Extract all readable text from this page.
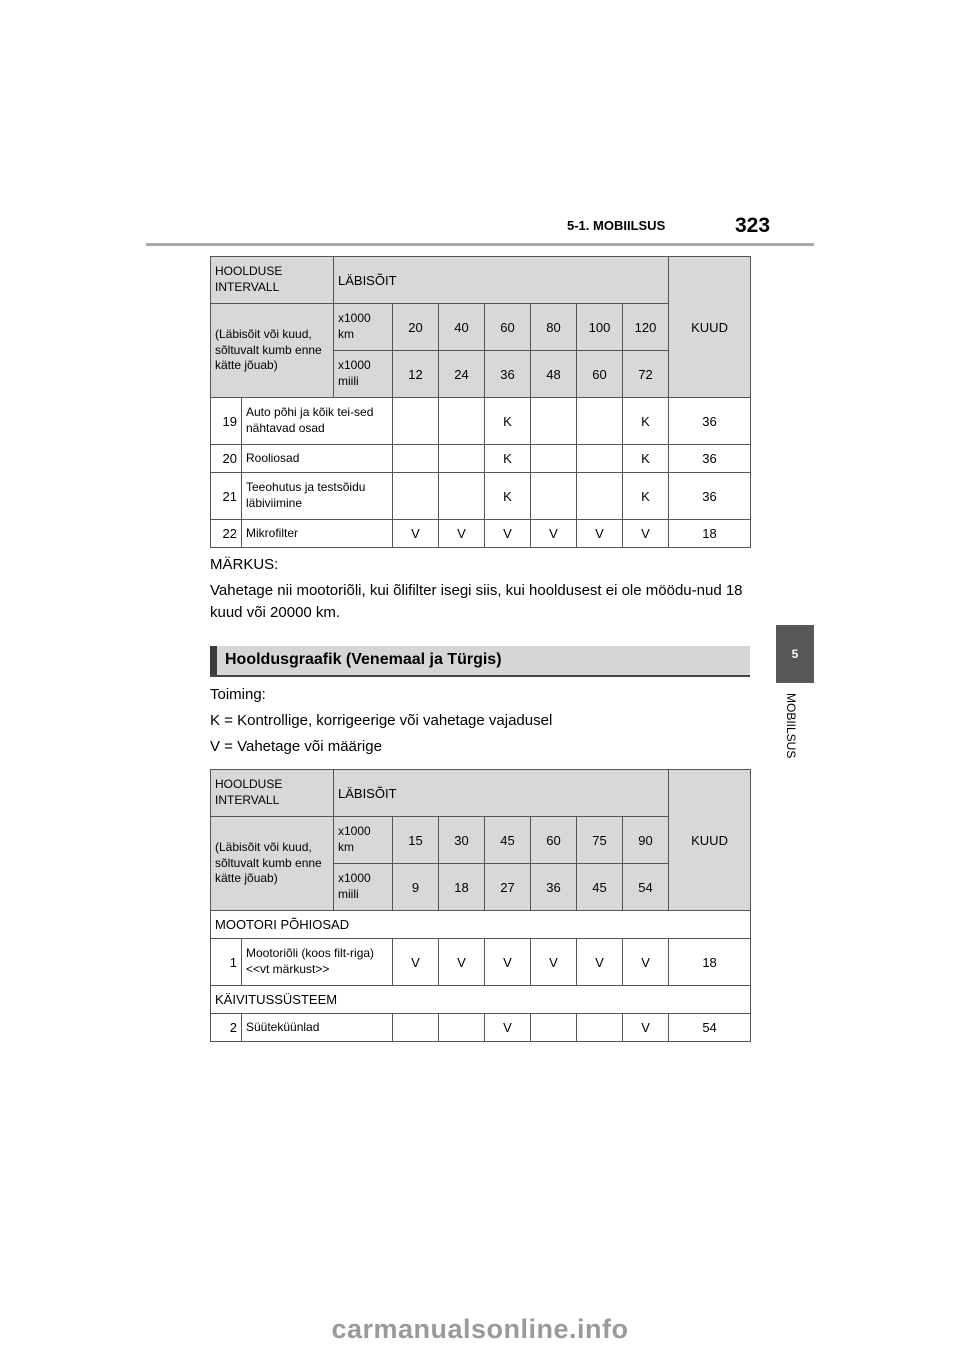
5-1. MOBIILSUS	323
5
MOBIILSUS
HOOLDUSE INTERVALL	LÄBISÕIT							KUUD
(Läbisõit või kuud, sõltuvalt kumb enne kätte jõuab)	x1000 km	20	40	60	80	100	120	
	x1000 miili	12	24	36	48	60	72	
19	Auto põhi ja kõik tei-sed nähtavad osad			K			K	36
20	Rooliosad			K			K	36
21	Teeohutus ja testsõidu läbiviimine			K			K	36
22	Mikrofilter	V	V	V	V	V	V	18
MÄRKUS:
Vahetage nii mootoriõli, kui õlifilter isegi siis, kui hooldusest ei ole möödu-nud 18 kuud või 20000 km.
Hooldusgraafik (Venemaal ja Türgis)
Toiming:
K = Kontrollige, korrigeerige või vahetage vajadusel
V = Vahetage või määrige
HOOLDUSE INTERVALL		LÄBISÕIT							KUUD
(Läbisõit või kuud, sõltuvalt kumb enne kätte jõuab)		x1000 km	15	30	45	60	75	90	
		x1000 miili	9	18	27	36	45	54	
MOOTORI PÕHIOSAD									
1	Mootoriõli (koos filt-riga) <<vt märkust>>		V	V	V	V	V	V	18
KÄIVITUSSÜSTEEM									
2	Süüteküünlad				V			V	54
carmanualsonline.info
